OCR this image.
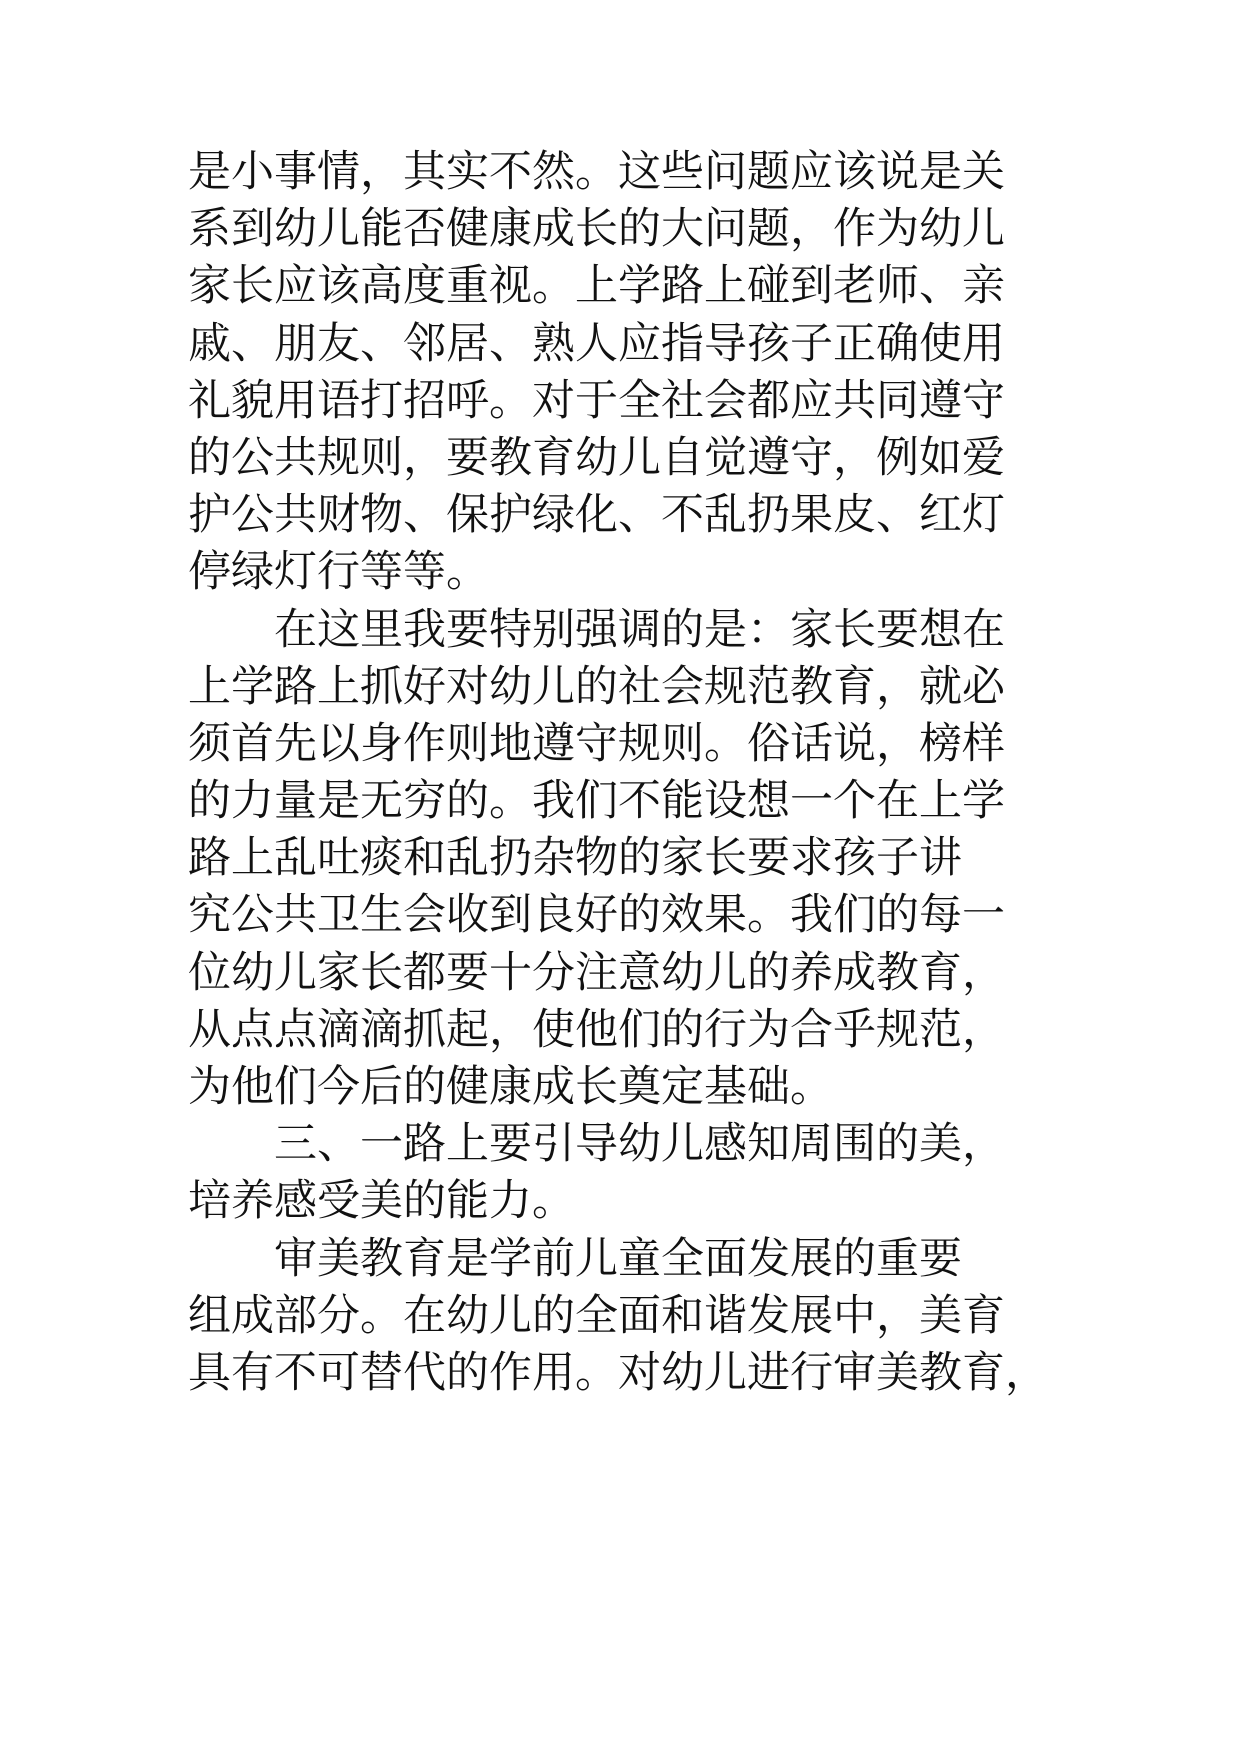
是小事情，其实不然。这些问题应该说是关
系到幼儿能否健康成长的大问题，作为幼儿
家长应该高度重视。上学路上碰到老师、亲
戚、朋友、邻居、熟人应指导孩子正确使用
礼貌用语打招呼。对于全社会都应共同遵守
的公共规则，要教育幼儿自觉遵守，例如爱
护公共财物、保护绿化、不乱扔果皮、红灯
停绿灯行等等。
在这里我要特别强调的是：家长要想在
上学路上抓好对幼儿的社会规范教育，就必
须首先以身作则地遵守规则。俗话说，榜样
的力量是无穷的。我们不能设想一个在上学
路上乱吐痰和乱扔杂物的家长要求孩子讲
究公共卫生会收到良好的效果。我们的每一
位幼儿家长都要十分注意幼儿的养成教育，
从点点滴滴抓起，使他们的行为合乎规范，
为他们今后的健康成长奠定基础。
三、一路上要引导幼儿感知周围的美，
培养感受美的能力。
审美教育是学前儿童全面发展的重要
组成部分。在幼儿的全面和谐发展中，美育
具有不可替代的作用。对幼儿进行审美教育，
